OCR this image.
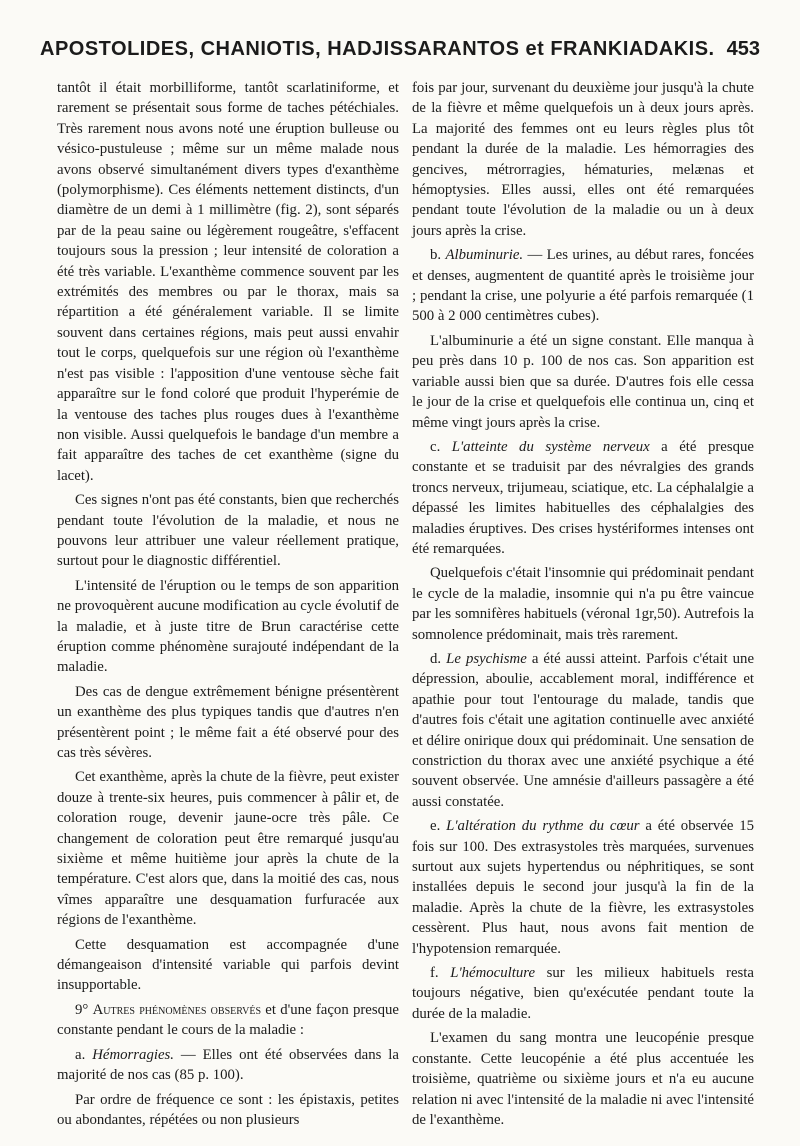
APOSTOLIDES, CHANIOTIS, HADJISSARANTOS et FRANKIADAKIS. 453

tantôt il était morbilliforme, tantôt scarlatiniforme, et rarement se présentait sous forme de taches pétéchiales. Très rarement nous avons noté une éruption bulleuse ou vésico-pustuleuse ; même sur un même malade nous avons observé simultanément divers types d'exanthème (polymorphisme). Ces éléments nettement distincts, d'un diamètre de un demi à 1 millimètre (fig. 2), sont séparés par de la peau saine ou légèrement rougeâtre, s'effacent toujours sous la pression ; leur intensité de coloration a été très variable. L'exanthème commence souvent par les extrémités des membres ou par le thorax, mais sa répartition a été généralement variable. Il se limite souvent dans certaines régions, mais peut aussi envahir tout le corps, quelquefois sur une région où l'exanthème n'est pas visible : l'apposition d'une ventouse sèche fait apparaître sur le fond coloré que produit l'hyperémie de la ventouse des taches plus rouges dues à l'exanthème non visible. Aussi quelquefois le bandage d'un membre a fait apparaître des taches de cet exanthème (signe du lacet).

Ces signes n'ont pas été constants, bien que recherchés pendant toute l'évolution de la maladie, et nous ne pouvons leur attribuer une valeur réellement pratique, surtout pour le diagnostic différentiel.

L'intensité de l'éruption ou le temps de son apparition ne provoquèrent aucune modification au cycle évolutif de la maladie, et à juste titre de Brun caractérise cette éruption comme phénomène surajouté indépendant de la maladie.

Des cas de dengue extrêmement bénigne présentèrent un exanthème des plus typiques tandis que d'autres n'en présentèrent point ; le même fait a été observé pour des cas très sévères.

Cet exanthème, après la chute de la fièvre, peut exister douze à trente-six heures, puis commencer à pâlir et, de coloration rouge, devenir jaune-ocre très pâle. Ce changement de coloration peut être remarqué jusqu'au sixième et même huitième jour après la chute de la température. C'est alors que, dans la moitié des cas, nous vîmes apparaître une desquamation furfuracée aux régions de l'exanthème.

Cette desquamation est accompagnée d'une démangeaison d'intensité variable qui parfois devint insupportable.

9° Autres phénomènes observés et d'une façon presque constante pendant le cours de la maladie :

a. Hémorragies. — Elles ont été observées dans la majorité de nos cas (85 p. 100).

Par ordre de fréquence ce sont : les épistaxis, petites ou abondantes, répétées ou non plusieurs

fois par jour, survenant du deuxième jour jusqu'à la chute de la fièvre et même quelquefois un à deux jours après. La majorité des femmes ont eu leurs règles plus tôt pendant la durée de la maladie. Les hémorragies des gencives, métrorragies, hématuries, melænas et hémoptysies. Elles aussi, elles ont été remarquées pendant toute l'évolution de la maladie ou un à deux jours après la crise.

b. Albuminurie. — Les urines, au début rares, foncées et denses, augmentent de quantité après le troisième jour ; pendant la crise, une polyurie a été parfois remarquée (1 500 à 2 000 centimètres cubes).

L'albuminurie a été un signe constant. Elle manqua à peu près dans 10 p. 100 de nos cas. Son apparition est variable aussi bien que sa durée. D'autres fois elle cessa le jour de la crise et quelquefois elle continua un, cinq et même vingt jours après la crise.

c. L'atteinte du système nerveux a été presque constante et se traduisit par des névralgies des grands troncs nerveux, trijumeau, sciatique, etc. La céphalalgie a dépassé les limites habituelles des céphalalgies des maladies éruptives. Des crises hystériformes intenses ont été remarquées.

Quelquefois c'était l'insomnie qui prédominait pendant le cycle de la maladie, insomnie qui n'a pu être vaincue par les somnifères habituels (véronal 1gr,50). Autrefois la somnolence prédominait, mais très rarement.

d. Le psychisme a été aussi atteint. Parfois c'était une dépression, aboulie, accablement moral, indifférence et apathie pour tout l'entourage du malade, tandis que d'autres fois c'était une agitation continuelle avec anxiété et délire onirique doux qui prédominait. Une sensation de constriction du thorax avec une anxiété psychique a été souvent observée. Une amnésie d'ailleurs passagère a été aussi constatée.

e. L'altération du rythme du cœur a été observée 15 fois sur 100. Des extrasystoles très marquées, survenues surtout aux sujets hypertendus ou néphritiques, se sont installées depuis le second jour jusqu'à la fin de la maladie. Après la chute de la fièvre, les extrasystoles cessèrent. Plus haut, nous avons fait mention de l'hypotension remarquée.

f. L'hémoculture sur les milieux habituels resta toujours négative, bien qu'exécutée pendant toute la durée de la maladie.

L'examen du sang montra une leucopénie presque constante. Cette leucopénie a été plus accentuée les troisième, quatrième ou sixième jours et n'a eu aucune relation ni avec l'intensité de la maladie ni avec l'intensité de l'exanthème.
